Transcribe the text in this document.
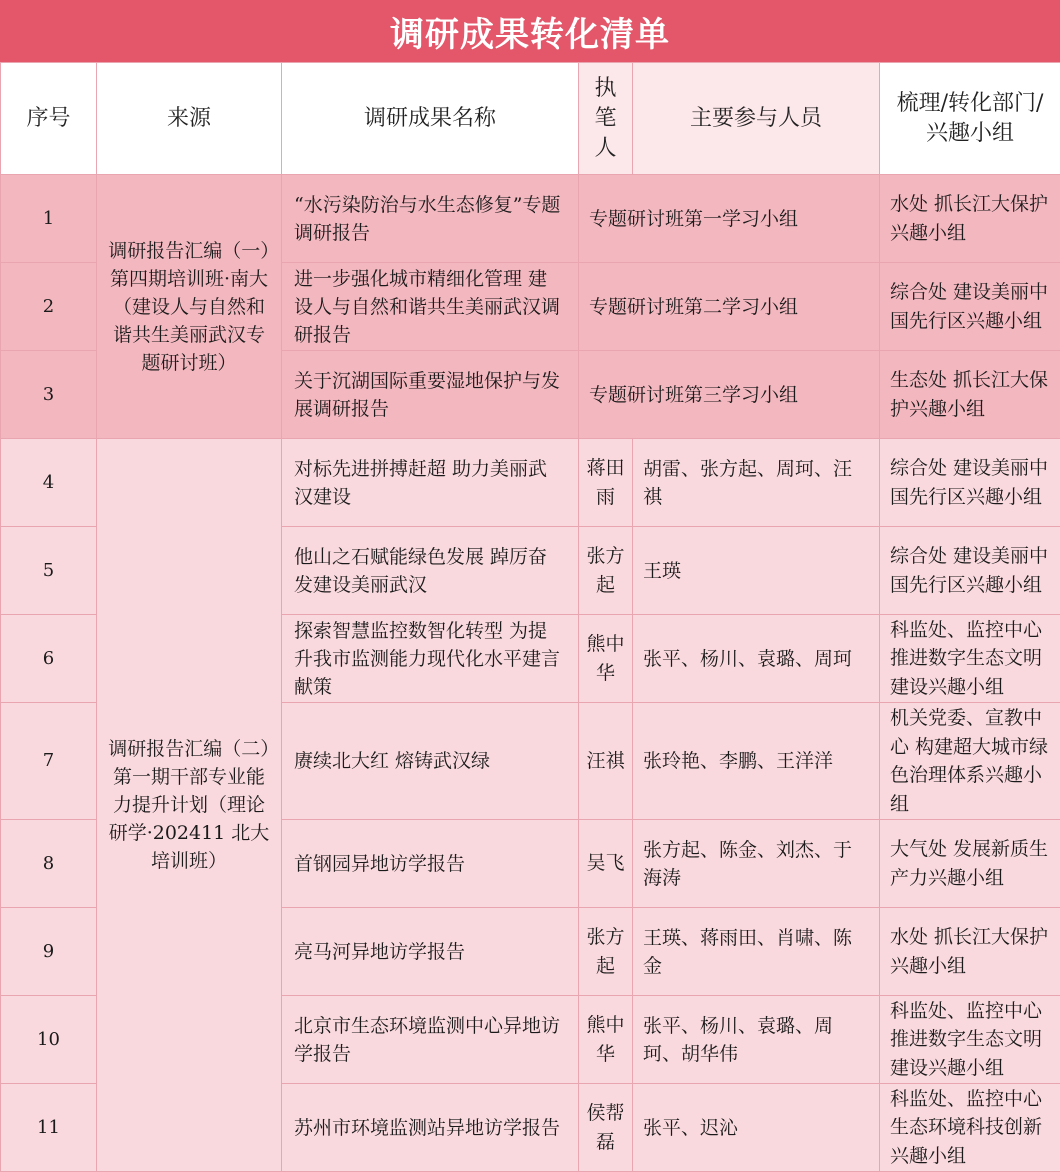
调研成果转化清单
序号	来源	调研成果名称	执笔人	主要参与人员	梳理/转化部门/兴趣小组
1	调研报告汇编（一）第四期培训班·南大（建设人与自然和谐共生美丽武汉专题研讨班）	“水污染防治与水生态修复”专题调研报告	专题研讨班第一学习小组		水处 抓长江大保护兴趣小组
2		进一步强化城市精细化管理 建设人与自然和谐共生美丽武汉调研报告	专题研讨班第二学习小组		综合处 建设美丽中国先行区兴趣小组
3		关于沉湖国际重要湿地保护与发展调研报告	专题研讨班第三学习小组		生态处 抓长江大保护兴趣小组
4	调研报告汇编（二）第一期干部专业能力提升计划（理论研学·202411 北大培训班）	对标先进拼搏赶超 助力美丽武汉建设	蒋田雨	胡雷、张方起、周珂、汪祺	综合处 建设美丽中国先行区兴趣小组
5		他山之石赋能绿色发展 踔厉奋发建设美丽武汉	张方起	王瑛	综合处 建设美丽中国先行区兴趣小组
6		探索智慧监控数智化转型 为提升我市监测能力现代化水平建言献策	熊中华	张平、杨川、袁璐、周珂	科监处、监控中心 推进数字生态文明建设兴趣小组
7		赓续北大红 熔铸武汉绿	汪祺	张玲艳、李鹏、王洋洋	机关党委、宣教中心 构建超大城市绿色治理体系兴趣小组
8		首钢园异地访学报告	吴飞	张方起、陈金、刘杰、于海涛	大气处 发展新质生产力兴趣小组
9		亮马河异地访学报告	张方起	王瑛、蒋雨田、肖啸、陈金	水处 抓长江大保护兴趣小组
10		北京市生态环境监测中心异地访学报告	熊中华	张平、杨川、袁璐、周珂、胡华伟	科监处、监控中心 推进数字生态文明建设兴趣小组
11		苏州市环境监测站异地访学报告	侯帮磊	张平、迟沁	科监处、监控中心 生态环境科技创新兴趣小组
